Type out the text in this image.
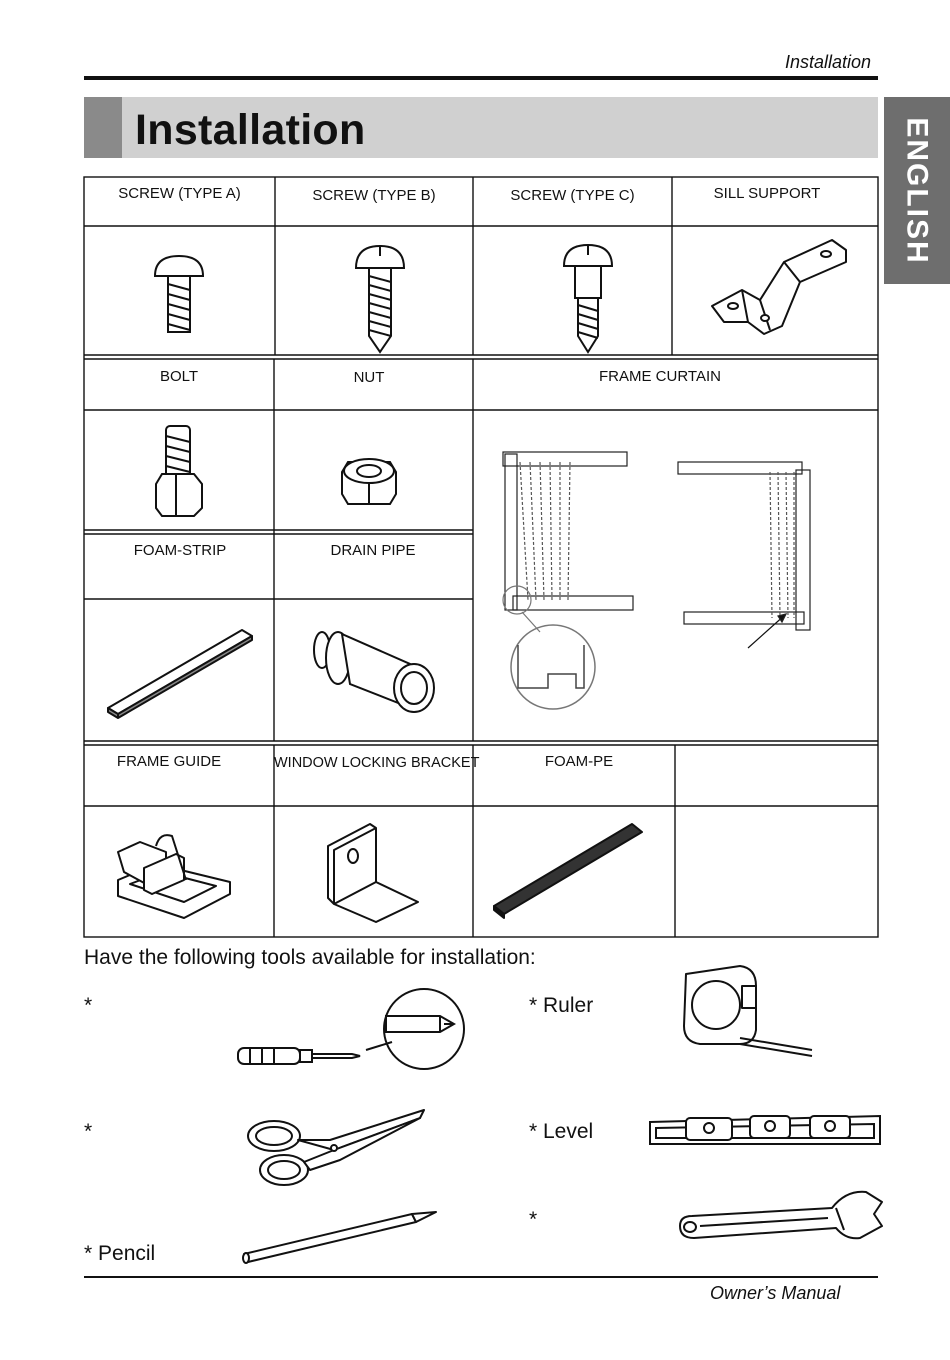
Installation
Installation	ENGLISH
SCREW (TYPE A)	SCREW (TYPE B)	SCREW (TYPE C)	SILL SUPPORT
BOLT	NUT	FRAME CURTAIN
FOAM-STRIP	DRAIN PIPE
FRAME GUIDE	WINDOW LOCKING BRACKET	FOAM-PE
Have the following tools available for installation:
*	* Ruler
*	* Level
* Pencil
*
Owner’s Manual
